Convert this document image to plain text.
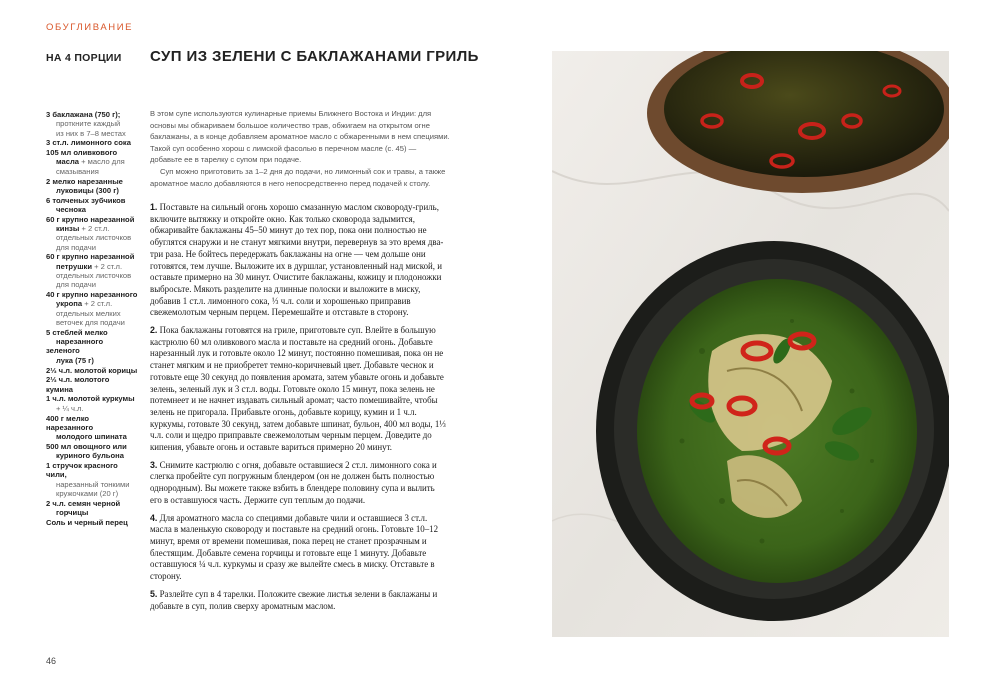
ОБУГЛИВАНИЕ
НА 4 ПОРЦИИ СУП ИЗ ЗЕЛЕНИ С БАКЛАЖАНАМИ ГРИЛЬ
3 баклажана (750 г);
проткните каждый
из них в 7–8 местах
3 ст.л. лимонного сока
105 мл оливкового
масла + масло для
смазывания
2 мелко нарезанные
луковицы (300 г)
6 толченых зубчиков
чеснока
60 г крупно нарезанной
кинзы + 2 ст.л.
отдельных листочков
для подачи
60 г крупно нарезанной
петрушки + 2 ст.л.
отдельных листочков
для подачи
40 г крупно нарезанного
укропа + 2 ст.л.
отдельных мелких
веточек для подачи
5 стеблей мелко
нарезанного зеленого
лука (75 г)
2⅓ ч.л. молотой корицы
2⅓ ч.л. молотого кумина
1 ч.л. молотой куркумы
+ ¼ ч.л.
400 г мелко нарезанного
молодого шпината
500 мл овощного или
куриного бульона
1 стручок красного чили,
нарезанный тонкими
кружочками (20 г)
2 ч.л. семян черной
горчицы
Соль и черный перец

В этом супе используются кулинарные приемы Ближнего Востока и Индии: для основы мы обжариваем большое количество трав, обжигаем на открытом огне баклажаны, а в конце добавляем ароматное масло с обжаренными в нем специями. Такой суп особенно хорош с лимской фасолью в перечном масле (с. 45) — добавьте ее в тарелку с супом при подаче.

Суп можно приготовить за 1–2 дня до подачи, но лимонный сок и травы, а также ароматное масло добавляются в него непосредственно перед подачей к столу.

1. Поставьте на сильный огонь хорошо смазанную маслом сковороду-гриль, включите вытяжку и откройте окно. Как только сковорода задымится, обжаривайте баклажаны 45–50 минут до тех пор, пока они полностью не обуглятся снаружи и не станут мягкими внутри, перевернув за это время два-три раза. Не бойтесь передержать баклажаны на огне — чем дольше они готовятся, тем лучше. Выложите их в дуршлаг, установленный над миской, и оставьте примерно на 30 минут. Очистите баклажаны, кожицу и плодоножки выбросьте. Мякоть разделите на длинные полоски и выложите в миску, добавив 1 ст.л. лимонного сока, ⅓ ч.л. соли и хорошенько приправив свежемолотым черным перцем. Перемешайте и отставьте в сторону.

2. Пока баклажаны готовятся на гриле, приготовьте суп. Влейте в большую кастрюлю 60 мл оливкового масла и поставьте на средний огонь. Добавьте нарезанный лук и готовьте около 12 минут, постоянно помешивая, пока он не станет мягким и не приобретет темно-коричневый цвет. Добавьте чеснок и готовьте еще 30 секунд до появления аромата, затем убавьте огонь и добавьте зелень, зеленый лук и 3 ст.л. воды. Готовьте около 15 минут, пока зелень не потемнеет и не начнет издавать сильный аромат; часто помешивайте, чтобы зелень не пригорала. Прибавьте огонь, добавьте корицу, кумин и 1 ч.л. куркумы, готовьте 30 секунд, затем добавьте шпинат, бульон, 400 мл воды, 1⅓ ч.л. соли и щедро приправьте свежемолотым черным перцем. Доведите до кипения, убавьте огонь и оставьте вариться примерно 20 минут.

3. Снимите кастрюлю с огня, добавьте оставшиеся 2 ст.л. лимонного сока и слегка пробейте суп погружным блендером (он не должен быть полностью однородным). Вы можете также взбить в блендере половину супа и вылить его в оставшуюся часть. Держите суп теплым до подачи.

4. Для ароматного масла со специями добавьте чили и оставшиеся 3 ст.л. масла в маленькую сковороду и поставьте на средний огонь. Готовьте 10–12 минут, время от времени помешивая, пока перец не станет прозрачным и блестящим. Добавьте семена горчицы и готовьте еще 1 минуту. Добавьте оставшуюся ¼ ч.л. куркумы и сразу же вылейте смесь в миску. Отставьте в сторону.

5. Разлейте суп в 4 тарелки. Положите свежие листья зелени в баклажаны и добавьте в суп, полив сверху ароматным маслом.

46
